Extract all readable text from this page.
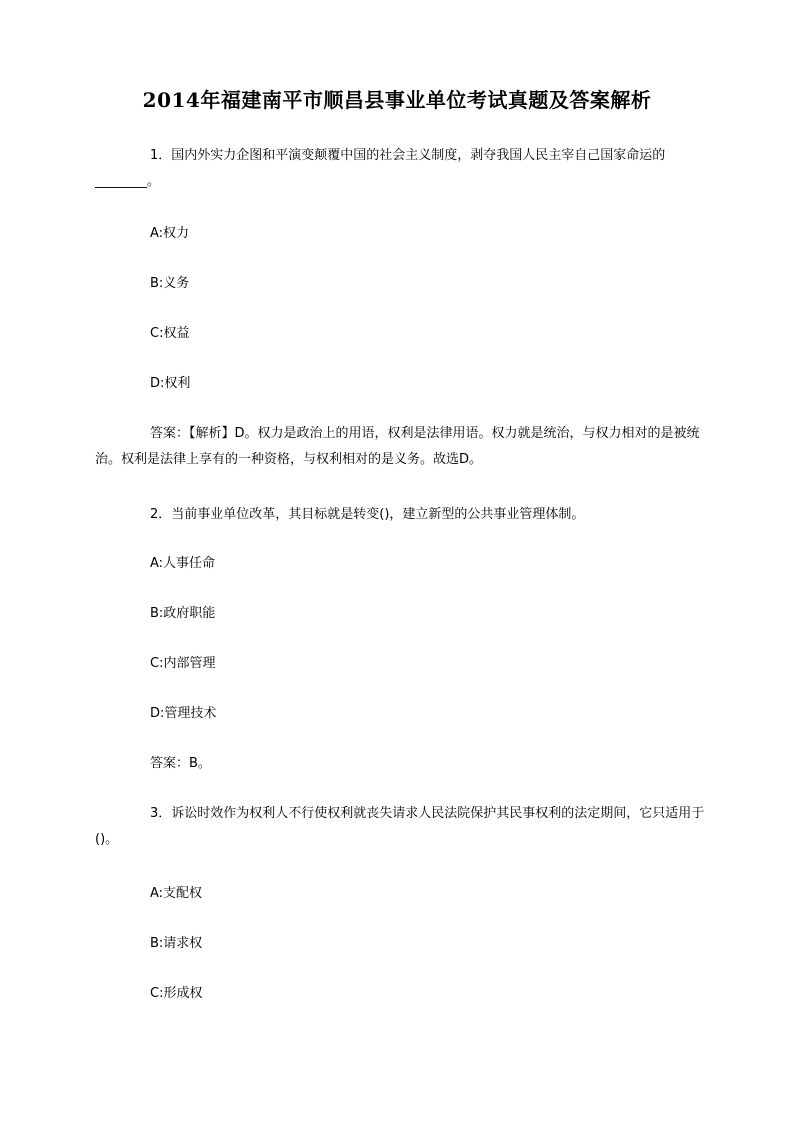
2014年福建南平市顺昌县事业单位考试真题及答案解析
1．国内外实力企图和平演变颠覆中国的社会主义制度，剥夺我国人民主宰自己国家命运的________。
A:权力
B:义务
C:权益
D:权利
答案：【解析】D。权力是政治上的用语，权利是法律用语。权力就是统治，与权力相对的是被统治。权利是法律上享有的一种资格，与权利相对的是义务。故选D。
2．当前事业单位改革，其目标就是转变()，建立新型的公共事业管理体制。
A:人事任命
B:政府职能
C:内部管理
D:管理技术
答案：B。
3．诉讼时效作为权利人不行使权利就丧失请求人民法院保护其民事权利的法定期间，它只适用于()。
A:支配权
B:请求权
C:形成权
